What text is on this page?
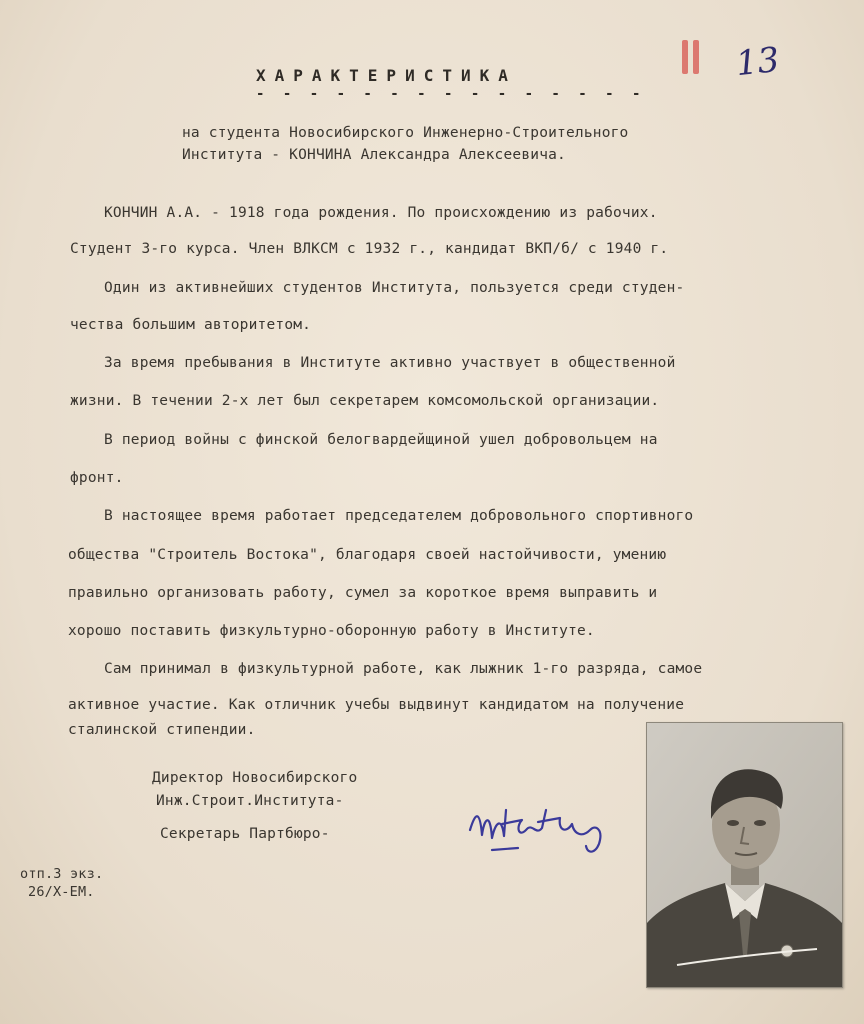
13
ХАРАКТЕРИСТИКА
- - - - - - - - - - - - - - -
на студента Новосибирского Инженерно-Строительного
Института - КОНЧИНА Александра Алексеевича.
КОНЧИН А.А. - 1918 года рождения. По происхождению из рабочих.
Студент 3-го курса. Член ВЛКСМ с 1932 г., кандидат ВКП/б/ с 1940 г.
Один из активнейших студентов Института, пользуется среди студен-
чества большим авторитетом.
За время пребывания в Институте активно участвует в общественной
жизни. В течении 2-х лет был секретарем комсомольской организации.
В период войны с финской белогвардейщиной ушел добровольцем на
фронт.
В настоящее время работает председателем добровольного спортивного
общества "Строитель Востока", благодаря своей настойчивости, умению
правильно организовать работу, сумел за короткое время выправить и
хорошо поставить физкультурно-оборонную работу в Институте.
Сам принимал в физкультурной работе, как лыжник 1-го разряда, самое
активное участие. Как отличник учебы выдвинут кандидатом на получение
сталинской стипендии.
Директор Новосибирского
Инж.Строит.Института-
Секретарь Партбюро-
отп.3 экз.
26/X-ЕМ.
